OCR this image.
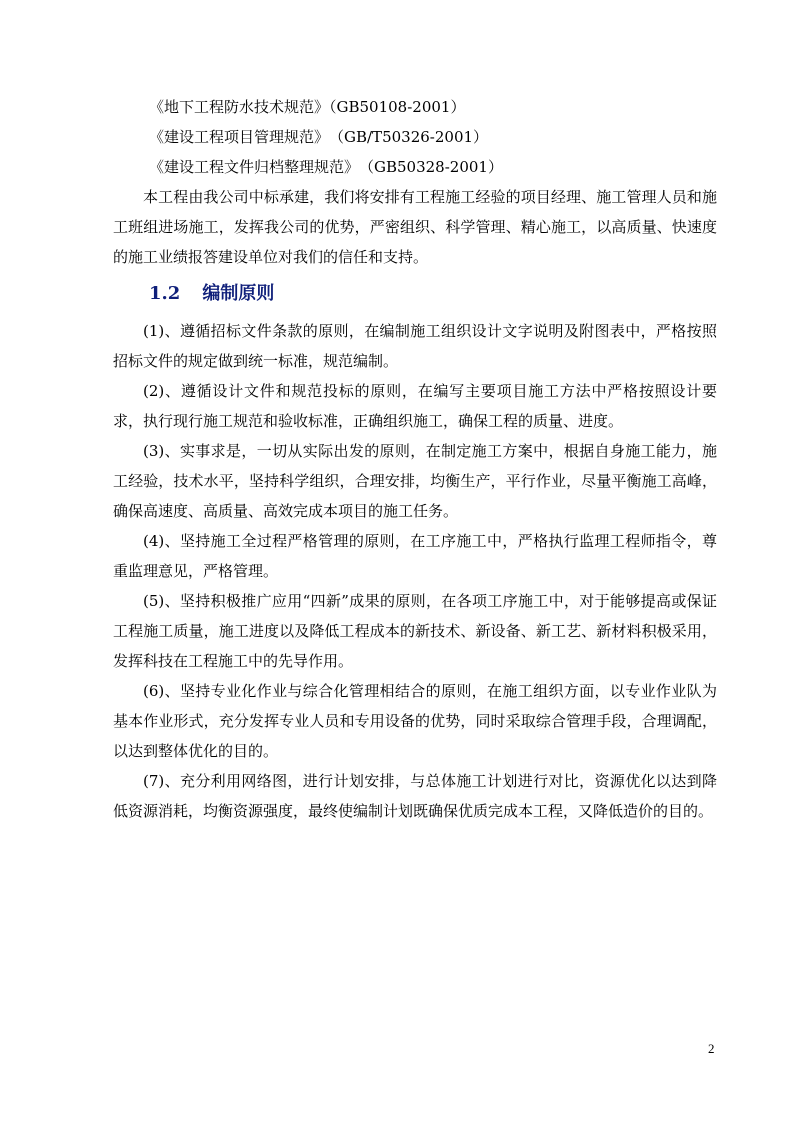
《地下工程防水技术规范》（GB50108-2001）
《建设工程项目管理规范》　（GB/T50326-2001）
《建设工程文件归档整理规范》　（GB50328-2001）

本工程由我公司中标承建，我们将安排有工程施工经验的项目经理、施工管理人员和施工班组进场施工，发挥我公司的优势，严密组织、科学管理、精心施工，以高质量、快速度的施工业绩报答建设单位对我们的信任和支持。

1.2 编制原则

(1)、遵循招标文件条款的原则，在编制施工组织设计文字说明及附图表中，严格按照招标文件的规定做到统一标准，规范编制。

(2)、遵循设计文件和规范投标的原则，在编写主要项目施工方法中严格按照设计要求，执行现行施工规范和验收标准，正确组织施工，确保工程的质量、进度。

(3)、实事求是，一切从实际出发的原则，在制定施工方案中，根据自身施工能力，施工经验，技术水平，坚持科学组织，合理安排，均衡生产，平行作业，尽量平衡施工高峰，确保高速度、高质量、高效完成本项目的施工任务。

(4)、坚持施工全过程严格管理的原则，在工序施工中，严格执行监理工程师指令，尊重监理意见，严格管理。

(5)、坚持积极推广应用“四新”成果的原则，在各项工序施工中，对于能够提高或保证工程施工质量，施工进度以及降低工程成本的新技术、新设备、新工艺、新材料积极采用，发挥科技在工程施工中的先导作用。

(6)、坚持专业化作业与综合化管理相结合的原则，在施工组织方面，以专业作业队为基本作业形式，充分发挥专业人员和专用设备的优势，同时采取综合管理手段，合理调配，以达到整体优化的目的。

(7)、充分利用网络图，进行计划安排，与总体施工计划进行对比，资源优化以达到降低资源消耗，均衡资源强度，最终使编制计划既确保优质完成本工程，又降低造价的目的。

2
